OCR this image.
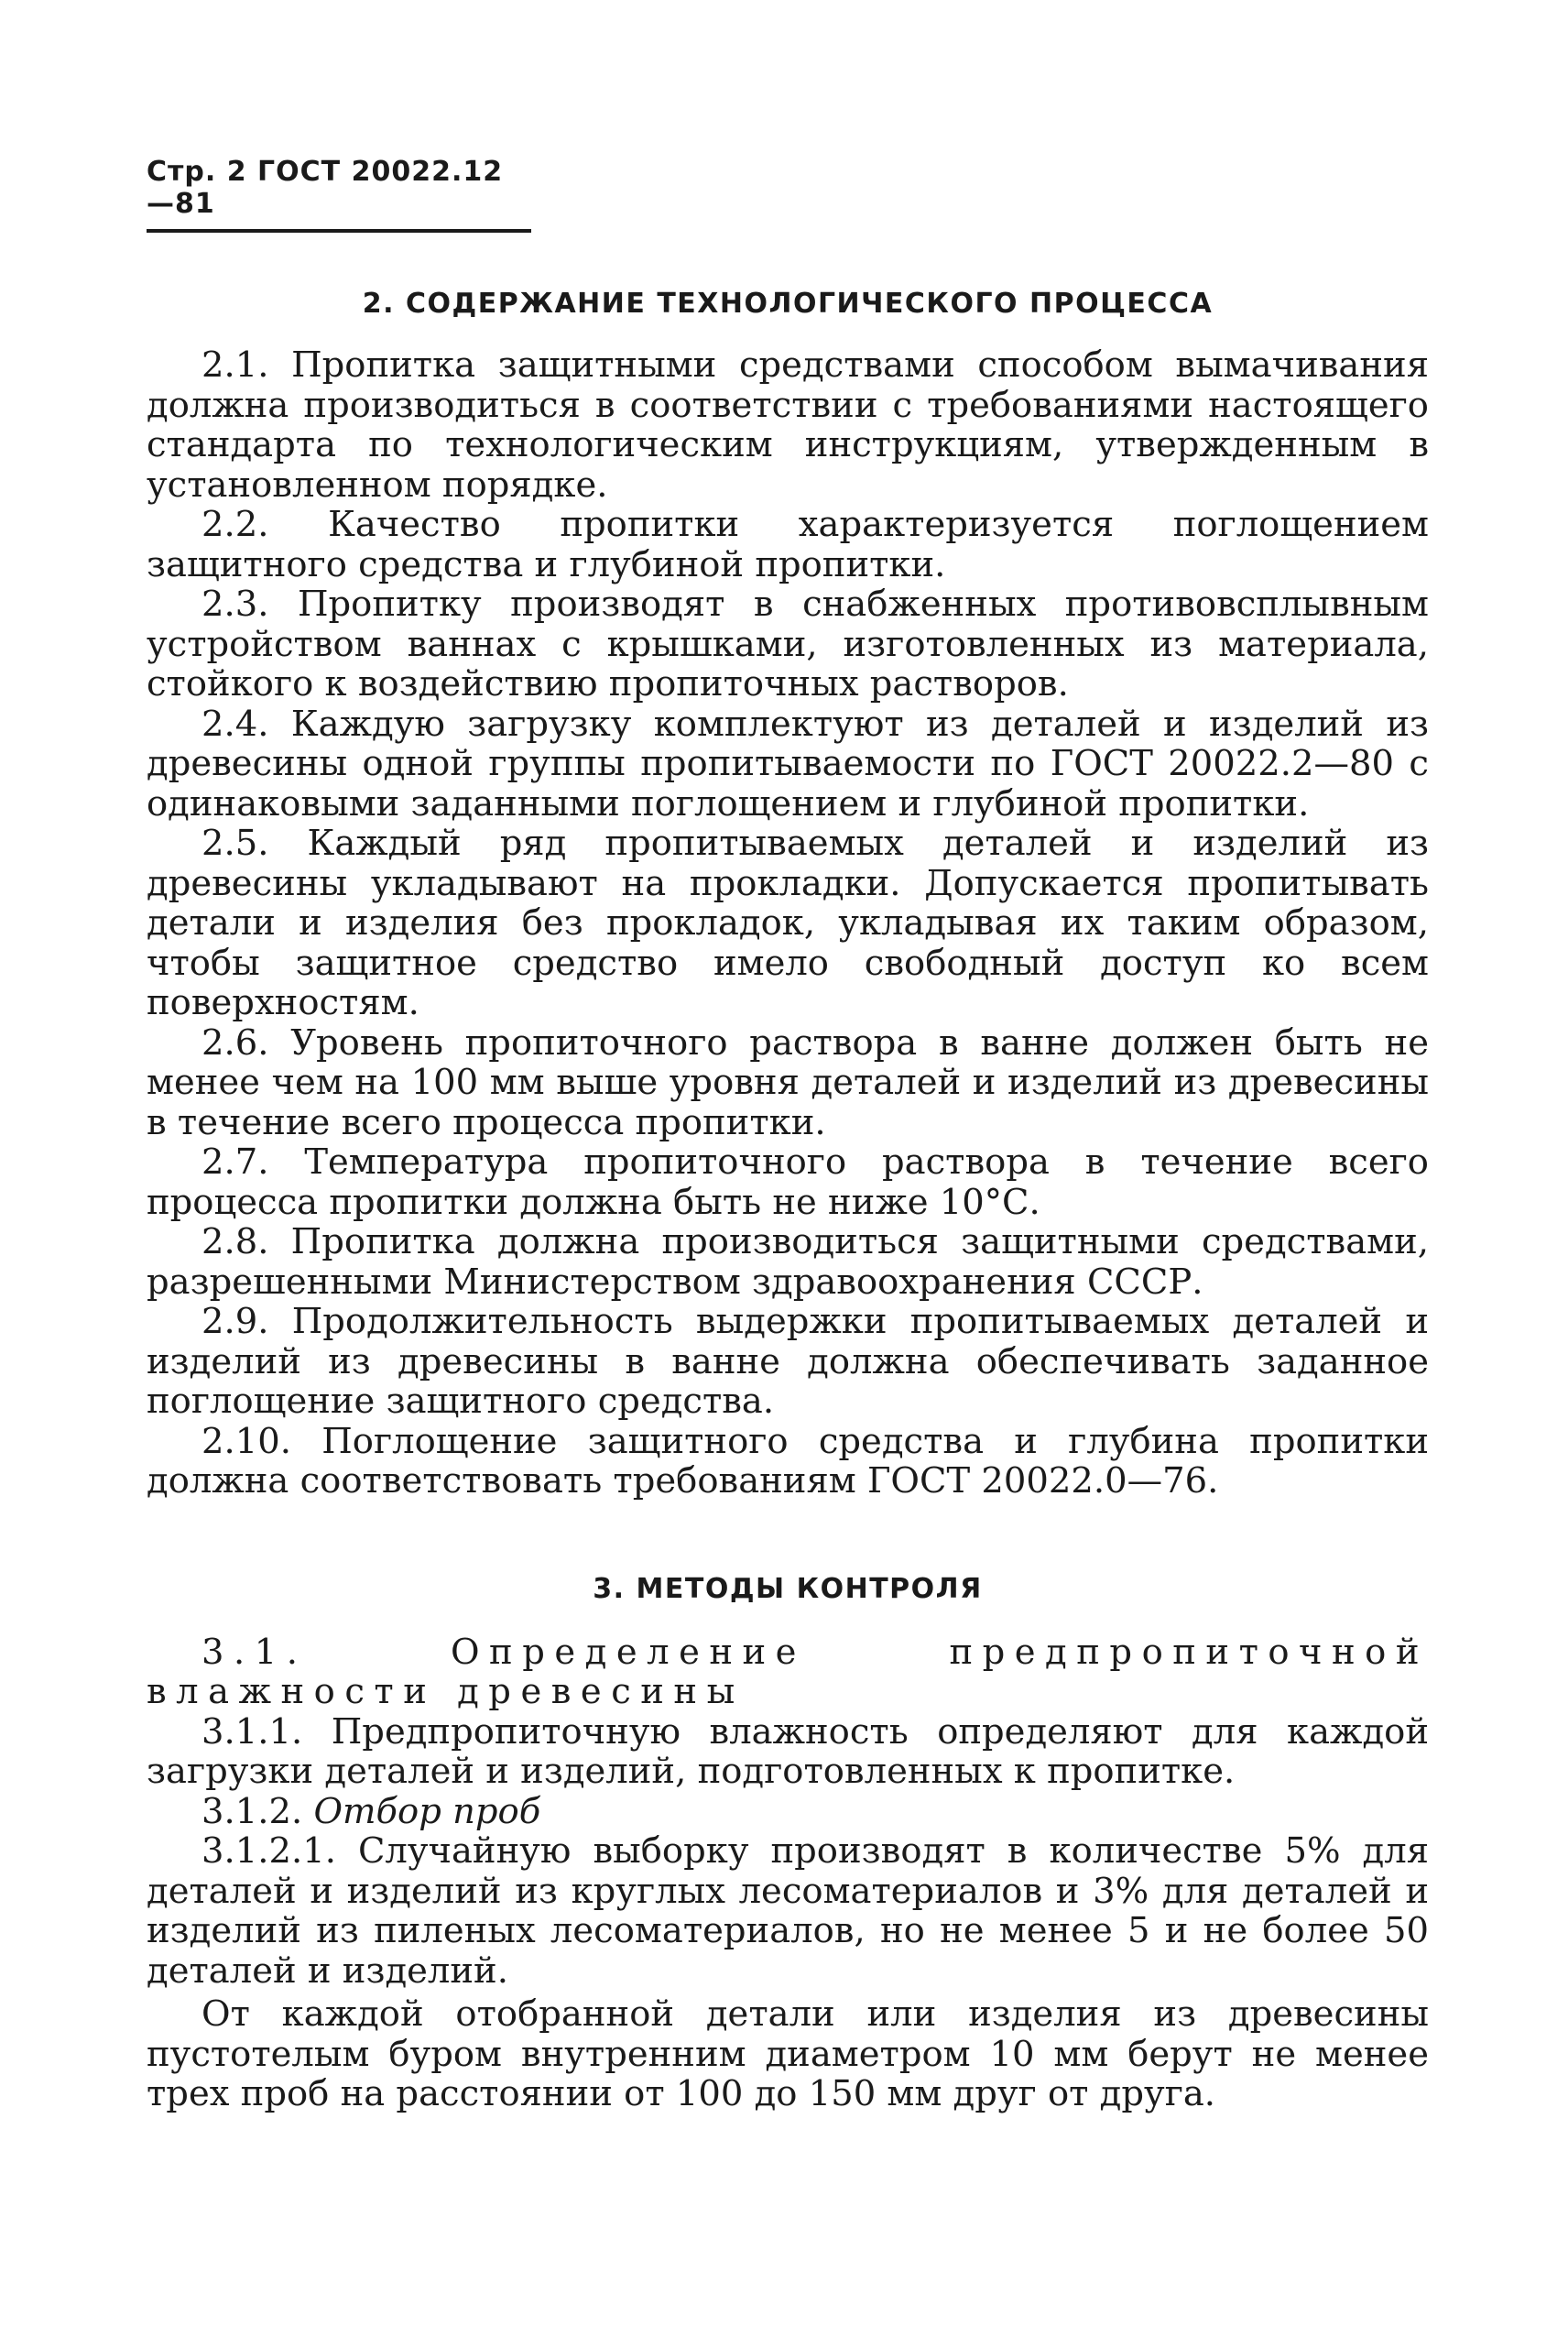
Стр. 2 ГОСТ 20022.12—81
2. СОДЕРЖАНИЕ ТЕХНОЛОГИЧЕСКОГО ПРОЦЕССА

2.1. Пропитка защитными средствами способом вымачивания должна производиться в соответствии с требованиями настоящего стандарта по технологическим инструкциям, утвержденным в установленном порядке.

2.2. Качество пропитки характеризуется поглощением защитного средства и глубиной пропитки.

2.3. Пропитку производят в снабженных противовсплывным устройством ваннах с крышками, изготовленных из материала, стойкого к воздействию пропиточных растворов.

2.4. Каждую загрузку комплектуют из деталей и изделий из древесины одной группы пропитываемости по ГОСТ 20022.2—80 с одинаковыми заданными поглощением и глубиной пропитки.

2.5. Каждый ряд пропитываемых деталей и изделий из древесины укладывают на прокладки. Допускается пропитывать детали и изделия без прокладок, укладывая их таким образом, чтобы защитное средство имело свободный доступ ко всем поверхностям.

2.6. Уровень пропиточного раствора в ванне должен быть не менее чем на 100 мм выше уровня деталей и изделий из древесины в течение всего процесса пропитки.

2.7. Температура пропиточного раствора в течение всего процесса пропитки должна быть не ниже 10°С.

2.8. Пропитка должна производиться защитными средствами, разрешенными Министерством здравоохранения СССР.

2.9. Продолжительность выдержки пропитываемых деталей и изделий из древесины в ванне должна обеспечивать заданное поглощение защитного средства.

2.10. Поглощение защитного средства и глубина пропитки должна соответствовать требованиям ГОСТ 20022.0—76.

3. МЕТОДЫ КОНТРОЛЯ

3.1. Определение предпропиточной влажности древесины

3.1.1. Предпропиточную влажность определяют для каждой загрузки деталей и изделий, подготовленных к пропитке.

3.1.2. Отбор проб

3.1.2.1. Случайную выборку производят в количестве 5% для деталей и изделий из круглых лесоматериалов и 3% для деталей и изделий из пиленых лесоматериалов, но не менее 5 и не более 50 деталей и изделий.

От каждой отобранной детали или изделия из древесины пустотелым буром внутренним диаметром 10 мм берут не менее трех проб на расстоянии от 100 до 150 мм друг от друга.
